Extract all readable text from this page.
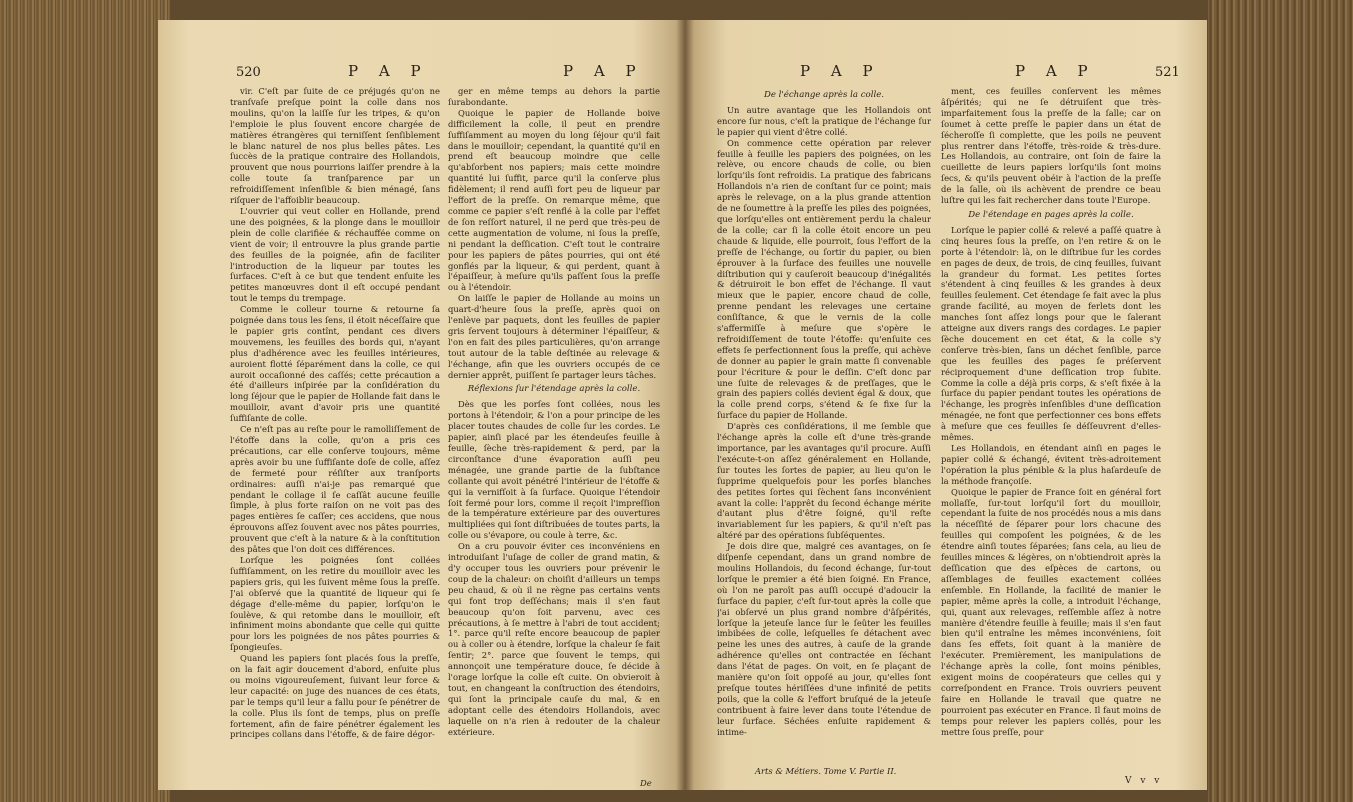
520	P A P	P A P

vir. C'eſt par ſuite de ce préjugés qu'on ne tranſvaſe preſque point la colle dans nos moulins, qu'on la laiſſe ſur les tripes, & qu'on l'emploie le plus ſouvent encore chargée de matières étrangères qui terniſſent ſenſiblement le blanc naturel de nos plus belles pâtes. Les ſuccès de la pratique contraire des Hollandois, prouvent que nous pourrions laiſſer prendre à la colle toute ſa tranſparence par un refroidiſſement inſenſible & bien ménagé, ſans riſquer de l'affoiblir beaucoup.

L'ouvrier qui veut coller en Hollande, prend une des poignées, & la plonge dans le mouilloir plein de colle clarifiée & réchauffée comme on vient de voir; il entrouvre la plus grande partie des feuilles de la poignée, afin de faciliter l'introduction de la liqueur par toutes les ſurfaces. C'eſt à ce but que tendent enſuite les petites manœuvres dont il eſt occupé pendant tout le temps du trempage.

Comme le colleur tourne & retourne ſa poignée dans tous les ſens, il étoit néceſſaire que le papier gris contînt, pendant ces divers mouvemens, les feuilles des bords qui, n'ayant plus d'adhérence avec les feuilles intérieures, auroient flotté ſéparément dans la colle, ce qui auroit occaſionné des caſſés; cette précaution a été d'ailleurs inſpirée par la conſidération du long ſéjour que le papier de Hollande fait dans le mouilloir, avant d'avoir pris une quantité ſuffiſante de colle.

Ce n'eſt pas au reſte pour le ramolliſſement de l'étoffe dans la colle, qu'on a pris ces précautions, car elle conſerve toujours, même après avoir bu une ſuffiſante doſe de colle, aſſez de fermeté pour réſiſter aux tranſports ordinaires: auſſi n'ai-je pas remarqué que pendant le collage il ſe caſſât aucune feuille ſimple, à plus forte raiſon on ne voit pas des pages entières ſe caſſer; ces accidens, que nous éprouvons aſſez ſouvent avec nos pâtes pourries, prouvent que c'eſt à la nature & à la conſtitution des pâtes que l'on doit ces différences.

Lorſque les poignées ſont collées ſuffiſamment, on les retire du mouilloir avec les papiers gris, qui les ſuivent même ſous la preſſe. J'ai obſervé que la quantité de liqueur qui ſe dégage d'elle-même du papier, lorſqu'on le ſoulève, & qui retombe dans le mouilloir, eſt infiniment moins abondante que celle qui quitte pour lors les poignées de nos pâtes pourries & ſpongieuſes.

Quand les papiers ſont placés ſous la preſſe, on la fait agir doucement d'abord, enſuite plus ou moins vigoureuſement, ſuivant leur force & leur capacité: on juge des nuances de ces états, par le temps qu'il leur a fallu pour ſe pénétrer de la colle. Plus ils ſont de temps, plus on preſſe fortement, afin de faire pénétrer également les principes collans dans l'étoffe, & de faire dégor-

ger en même temps au dehors la partie ſurabondante.

Quoique le papier de Hollande boive difficilement la colle, il peut en prendre ſuffiſamment au moyen du long ſéjour qu'il fait dans le mouilloir; cependant, la quantité qu'il en prend eſt beaucoup moindre que celle qu'abſorbent nos papiers; mais cette moindre quantité lui ſuffit, parce qu'il la conſerve plus fidèlement; il rend auſſi fort peu de liqueur par l'effort de la preſſe. On remarque même, que comme ce papier s'eſt renflé à la colle par l'effet de ſon reſſort naturel, il ne perd que très-peu de cette augmentation de volume, ni ſous la preſſe, ni pendant la deſſication. C'eſt tout le contraire pour les papiers de pâtes pourries, qui ont été gonflés par la liqueur, & qui perdent, quant à l'épaiſſeur, à meſure qu'ils paſſent ſous la preſſe ou à l'étendoir.

On laiſſe le papier de Hollande au moins un quart-d'heure ſous la preſſe, après quoi on l'enlève par paquets, dont les feuilles de papier gris ſervent toujours à déterminer l'épaiſſeur, & l'on en fait des piles particulières, qu'on arrange tout autour de la table deſtinée au relevage & l'échange, afin que les ouvriers occupés de ce dernier apprêt, puiſſent ſe partager leurs tâches.

Réflexions ſur l'étendage après la colle.

Dès que les porſes ſont collées, nous les portons à l'étendoir, & l'on a pour principe de les placer toutes chaudes de colle ſur les cordes. Le papier, ainſi placé par les étendeuſes feuille à feuille, ſèche très-rapidement & perd, par la circonſtance d'une évaporation auſſi peu ménagée, une grande partie de la ſubſtance collante qui avoit pénétré l'intérieur de l'étoffe & qui la vernifſoit à ſa ſurface. Quoique l'étendoir ſoit fermé pour lors, comme il reçoit l'impreſſion de la température extérieure par des ouvertures multipliées qui ſont diſtribuées de toutes parts, la colle ou s'évapore, ou coule à terre, &c.

On a cru pouvoir éviter ces inconvéniens en introduiſant l'uſage de coller de grand matin, & d'y occuper tous les ouvriers pour prévenir le coup de la chaleur: on choiſit d'ailleurs un temps peu chaud, & où il ne règne pas certains vents qui font trop deſſéchans; mais il s'en faut beaucoup qu'on ſoit parvenu, avec ces précautions, à ſe mettre à l'abri de tout accident; 1°. parce qu'il reſte encore beaucoup de papier ou à coller ou à étendre, lorſque la chaleur ſe fait ſentir; 2°. parce que ſouvent le temps, qui annonçoit une température douce, ſe décide à l'orage lorſque la colle eſt cuite. On obvieroit à tout, en changeant la conſtruction des étendoirs, qui ſont la principale cauſe du mal, & en adoptant celle des étendoirs Hollandois, avec laquelle on n'a rien à redouter de la chaleur extérieure.

De
P A P	P A P	521
De l'échange après la colle.

Un autre avantage que les Hollandois ont encore ſur nous, c'eſt la pratique de l'échange ſur le papier qui vient d'être collé.

On commence cette opération par relever feuille à feuille les papiers des poignées, on les relève, ou encore chauds de colle, ou bien lorſqu'ils ſont refroidis. La pratique des fabricans Hollandois n'a rien de conſtant ſur ce point; mais après le relevage, on a la plus grande attention de ne ſoumettre à la preſſe les piles des poignées, que lorſqu'elles ont entièrement perdu la chaleur de la colle; car ſi la colle étoit encore un peu chaude & liquide, elle pourroit, ſous l'effort de la preſſe de l'échange, ou ſortir du papier, ou bien éprouver à la ſurface des feuilles une nouvelle diſtribution qui y cauſeroit beaucoup d'inégalités & détruiroit le bon effet de l'échange. Il vaut mieux que le papier, encore chaud de colle, prenne pendant les relevages une certaine conſiſtance, & que le vernis de la colle s'affermiſſe à meſure que s'opère le refroidiſſement de toute l'étoffe: qu'enſuite ces effets ſe perfectionnent ſous la preſſe, qui achève de donner au papier le grain matte ſi convenable pour l'écriture & pour le deſſin. C'eſt donc par une ſuite de relevages & de preſſages, que le grain des papiers collés devient égal & doux, que la colle prend corps, s'étend & ſe fixe ſur la ſurface du papier de Hollande.

D'après ces conſidérations, il me ſemble que l'échange après la colle eſt d'une très-grande importance, par les avantages qu'il procure. Auſſi l'exécute-t-on aſſez généralement en Hollande, ſur toutes les ſortes de papier, au lieu qu'on le ſupprime quelquefois pour les porſes blanches des petites ſortes qui ſèchent ſans inconvénient avant la colle: l'apprêt du ſecond échange mérite d'autant plus d'être ſoigné, qu'il reſte invariablement ſur les papiers, & qu'il n'eſt pas altéré par des opérations ſubſéquentes.

Je dois dire que, malgré ces avantages, on ſe diſpenſe cependant, dans un grand nombre de moulins Hollandois, du ſecond échange, ſur-tout lorſque le premier a été bien ſoigné. En France, où l'on ne paroît pas auſſi occupé d'adoucir la ſurface du papier, c'eſt ſur-tout après la colle que j'ai obſervé un plus grand nombre d'âſpérités, lorſque la jeteuſe lance ſur le ſeûter les feuilles imbibées de colle, leſquelles ſe détachent avec peine les unes des autres, à cauſe de la grande adhérence qu'elles ont contractée en ſéchant dans l'état de pages. On voit, en ſe plaçant de manière qu'on ſoit oppoſé au jour, qu'elles ſont preſque toutes hériſſées d'une infinité de petits poils, que la colle & l'effort bruſqué de la jeteuſe contribuent à faire lever dans toute l'étendue de leur ſurface. Séchées enſuite rapidement & intime-

Arts & Métiers. Tome V. Partie II.

ment, ces feuilles conſervent les mêmes âſpérités; qui ne ſe détruiſent que très-imparfaitement ſous la preſſe de la ſalle; car on ſoumet à cette preſſe le papier dans un état de ſécheroſſe ſi complette, que les poils ne peuvent plus rentrer dans l'étoffe, très-roide & très-dure. Les Hollandois, au contraire, ont ſoin de faire la cueillette de leurs papiers lorſqu'ils ſont moins ſecs, & qu'ils peuvent obéir à l'action de la preſſe de la ſalle, où ils achèvent de prendre ce beau luſtre qui les fait rechercher dans toute l'Europe.

De l'étendage en pages après la colle.

Lorſque le papier collé & relevé a paſſé quatre à cinq heures ſous la preſſe, on l'en retire & on le porte à l'étendoir: là, on le diſtribue ſur les cordes en pages de deux, de trois, de cinq feuilles, ſuivant la grandeur du format. Les petites ſortes s'étendent à cinq feuilles & les grandes à deux feuilles ſeulement. Cet étendage ſe fait avec la plus grande facilité, au moyen de ferlets dont les manches ſont aſſez longs pour que le ſalerant atteigne aux divers rangs des cordages. Le papier ſèche doucement en cet état, & la colle s'y conſerve très-bien, ſans un déchet ſenſible, parce que les feuilles des pages ſe préſervent réciproquement d'une deſſication trop ſubite. Comme la colle a déjà pris corps, & s'eſt fixée à la ſurface du papier pendant toutes les opérations de l'échange, les progrès inſenſibles d'une deſſication ménagée, ne font que perfectionner ces bons effets à meſure que ces feuilles ſe déſſeuvrent d'elles-mêmes.

Les Hollandois, en étendant ainſi en pages le papier collé & échangé, évitent très-adroitement l'opération la plus pénible & la plus haſardeuſe de la méthode françoiſe.

Quoique le papier de France ſoit en général fort mollaſſe, ſur-tout lorſqu'il ſort du mouilloir, cependant la ſuite de nos procédés nous a mis dans la néceſſité de ſéparer pour lors chacune des feuilles qui compoſent les poignées, & de les étendre ainſi toutes ſéparées; ſans cela, au lieu de feuilles minces & légères, on n'obtiendroit après la deſſication que des eſpèces de cartons, ou aſſemblages de feuilles exactement collées enſemble. En Hollande, la facilité de manier le papier, même après la colle, a introduit l'échange, qui, quant aux relevages, reſſemble aſſez à notre manière d'étendre feuille à feuille; mais il s'en faut bien qu'il entraîne les mêmes inconvéniens, ſoit dans ſes effets, ſoit quant à la manière de l'exécuter. Premièrement, les manipulations de l'échange après la colle, ſont moins pénibles, exigent moins de coopérateurs que celles qui y correſpondent en France. Trois ouvriers peuvent faire en Hollande le travail que quatre ne pourroient pas exécuter en France. Il faut moins de temps pour relever les papiers collés, pour les mettre ſous preſſe, pour

V v v
